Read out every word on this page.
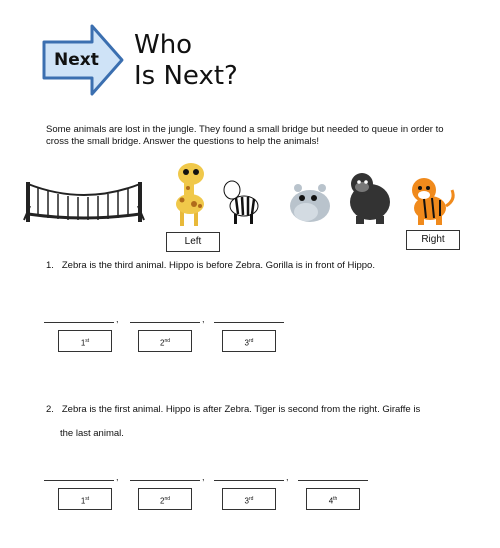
Next Who
Is Next?
Some animals are lost in the jungle. They found a small bridge but needed to queue in order to cross the small bridge. Answer the questions to help the animals!
Left	Right
1. Zebra is the third animal. Hippo is before Zebra. Gorilla is in front of Hippo.
,	,
1st	2nd	3rd
2. Zebra is the first animal. Hippo is after Zebra. Tiger is second from the right. Giraffe is
the last animal.
,	,	,
1st	2nd	3rd	4th
